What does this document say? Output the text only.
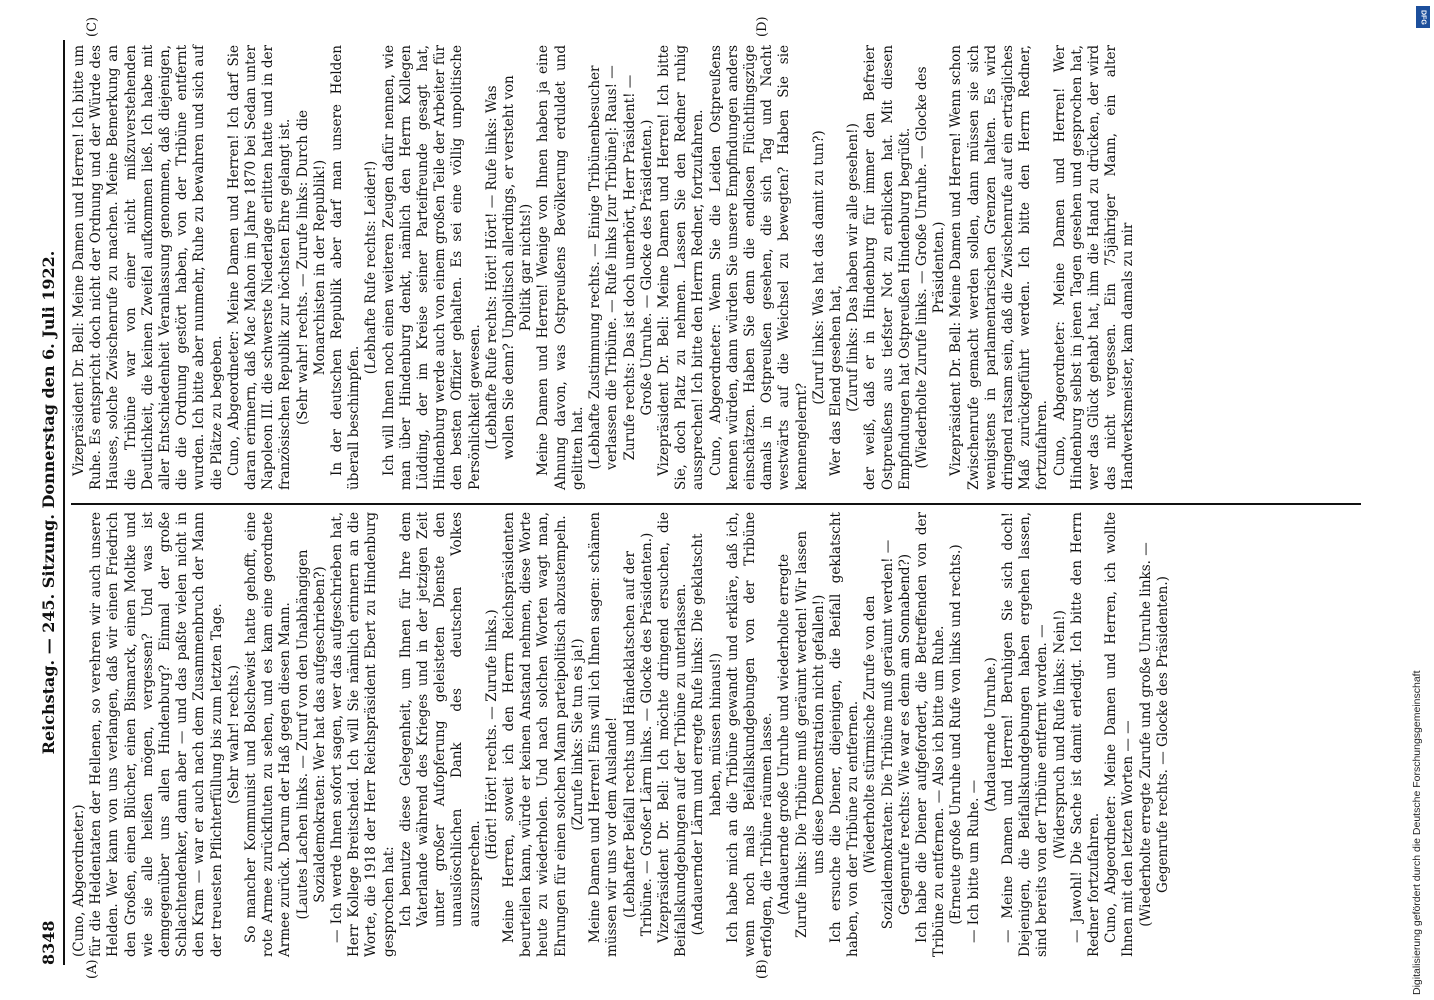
8348
Reichstag. — 245. Sitzung. Donnerstag den 6. Juli 1922.
(A)	(B)
(C)	(D)

(Cuno, Abgeordneter.) für die Heldentaten der Hellenen, so verehren wir auch unsere Helden. Wer kann von uns verlangen, daß wir einen Friedrich den Großen, einen Blücher, einen Bismarck, einen Moltke und wie sie alle heißen mögen, vergessen? Und was ist demgegenüber uns allen Hindenburg? Einmal der große Schlachtendenker, dann aber — und das paßte vielen nicht in den Kram — war er auch nach dem Zusammenbruch der Mann der treuesten Pflichterfüllung bis zum letzten Tage. (Sehr wahr! rechts.) So mancher Kommunist und Bolschewist hatte gehofft, eine rote Armee zurückfluten zu sehen, und es kam eine geordnete Armee zurück. Darum der Haß gegen diesen Mann. (Lautes Lachen links. — Zuruf von den Unabhängigen Sozialdemokraten: Wer hat das aufgeschrieben?) — Ich werde Ihnen sofort sagen, wer das aufgeschrieben hat, Herr Kollege Breitscheid. Ich will Sie nämlich erinnern an die Worte, die 1918 der Herr Reichspräsident Ebert zu Hindenburg gesprochen hat: Ich benutze diese Gelegenheit, um Ihnen für Ihre dem Vaterlande während des Krieges und in der jetzigen Zeit unter großer Aufopferung geleisteten Dienste den unauslöschlichen Dank des deutschen Volkes auszusprechen.

(Hört! Hört! rechts. — Zurufe links.) Meine Herren, soweit ich den Herrn Reichspräsidenten beurteilen kann, würde er keinen Anstand nehmen, diese Worte heute zu wiederholen. Und nach solchen Worten wagt man, Ehrungen für einen solchen Mann parteipolitisch abzustempeln. (Zurufe links: Sie tun es ja!) Meine Damen und Herren! Eins will ich Ihnen sagen: schämen müssen wir uns vor dem Auslande! (Lebhafter Beifall rechts und Händeklatschen auf der Tribüne. — Großer Lärm links. — Glocke des Präsidenten.) Vizepräsident Dr. Bell: Ich möchte dringend ersuchen, die Beifallskundgebungen auf der Tribüne zu unterlassen. (Andauernder Lärm und erregte Rufe links: Die geklatscht haben, müssen hinaus!) Ich habe mich an die Tribüne gewandt und erkläre, daß ich, wenn noch mals Beifallskundgebungen von der Tribüne erfolgen, die Tribüne räumen lasse. (Andauernde große Unruhe und wiederholte erregte Zurufe links: Die Tribüne muß geräumt werden! Wir lassen uns diese Demonstration nicht gefallen!) Ich ersuche die Diener, diejenigen, die Beifall geklatscht haben, von der Tribüne zu entfernen. (Wiederholte stürmische Zurufe von den Sozialdemokraten: Die Tribüne muß geräumt werden! — Gegenrufe rechts: Wie war es denn am Sonnabend?) Ich habe die Diener aufgefordert, die Betreffenden von der Tribüne zu entfernen. — Also ich bitte um Ruhe. (Erneute große Unruhe und Rufe von links und rechts.) — Ich bitte um Ruhe. —

(Andauernde Unruhe.) — Meine Damen und Herren! Beruhigen Sie sich doch! Diejenigen, die Beifallskundgebungen haben ergehen lassen, sind bereits von der Tribüne entfernt worden. — (Widerspruch und Rufe links: Nein!) — Jawohl! Die Sache ist damit erledigt. Ich bitte den Herrn Redner fortzufahren. Cuno, Abgeordneter: Meine Damen und Herren, ich wollte Ihnen mit den letzten Worten — — (Wiederholte erregte Zurufe und große Unruhe links. — Gegenrufe rechts. — Glocke des Präsidenten.)

Vizepräsident Dr. Bell: Meine Damen und Herren! Ich bitte um Ruhe. Es entspricht doch nicht der Ordnung und der Würde des Hauses, solche Zwischenrufe zu machen. Meine Bemerkung an die Tribüne war von einer nicht mißzuverstehenden Deutlichkeit, die keinen Zweifel aufkommen ließ. Ich habe mit aller Entschiedenheit Veranlassung genommen, daß diejenigen, die die Ordnung gestört haben, von der Tribüne entfernt wurden. Ich bitte aber nunmehr, Ruhe zu bewahren und sich auf die Plätze zu begeben. Cuno, Abgeordneter: Meine Damen und Herren! Ich darf Sie daran erinnern, daß Mac Mahon im Jahre 1870 bei Sedan unter Napoleon III. die schwerste Niederlage erlitten hatte und in der französischen Republik zur höchsten Ehre gelangt ist. (Sehr wahr! rechts. — Zurufe links: Durch die Monarchisten in der Republik!) In der deutschen Republik aber darf man unsere Helden überall beschimpfen.

(Lebhafte Rufe rechts: Leider!) Ich will Ihnen noch einen weiteren Zeugen dafür nennen, wie man über Hindenburg denkt, nämlich den Herrn Kollegen Lüdding, der im Kreise seiner Parteifreunde gesagt hat, Hindenburg werde auch von einem großen Teile der Arbeiter für den besten Offizier gehalten. Es sei eine völlig unpolitische Persönlichkeit gewesen. (Lebhafte Rufe rechts: Hört! Hört! — Rufe links: Was wollen Sie denn? Unpolitisch allerdings, er versteht von Politik gar nichts!) Meine Damen und Herren! Wenige von Ihnen haben ja eine Ahnung davon, was Ostpreußens Bevölkerung erduldet und gelitten hat. (Lebhafte Zustimmung rechts. — Einige Tribünenbesucher verlassen die Tribüne. — Rufe links [zur Tribüne]: Raus! — Zurufe rechts: Das ist doch unerhört, Herr Präsident! — Große Unruhe. — Glocke des Präsidenten.) Vizepräsident Dr. Bell: Meine Damen und Herren! Ich bitte Sie, doch Platz zu nehmen. Lassen Sie den Redner ruhig aussprechen! Ich bitte den Herrn Redner, fortzufahren. Cuno, Abgeordneter: Wenn Sie die Leiden Ostpreußens kennen würden, dann würden Sie unsere Empfindungen anders einschätzen. Haben Sie denn die endlosen Flüchtlingszüge damals in Ostpreußen gesehen, die sich Tag und Nacht westwärts auf die Weichsel zu bewegten? Haben Sie sie kennengelernt?

(Zuruf links: Was hat das damit zu tun?) Wer das Elend gesehen hat, (Zuruf links: Das haben wir alle gesehen!) der weiß, daß er in Hindenburg für immer den Befreier Ostpreußens aus tiefster Not zu erblicken hat. Mit diesen Empfindungen hat Ostpreußen Hindenburg begrüßt. (Wiederholte Zurufe links. — Große Unruhe. — Glocke des Präsidenten.) Vizepräsident Dr. Bell: Meine Damen und Herren! Wenn schon Zwischenrufe gemacht werden sollen, dann müssen sie sich wenigstens in parlamentarischen Grenzen halten. Es wird dringend ratsam sein, daß die Zwischenrufe auf ein erträgliches Maß zurückgeführt werden. Ich bitte den Herrn Redner, fortzufahren. Cuno, Abgeordneter: Meine Damen und Herren! Wer Hindenburg selbst in jenen Tagen gesehen und gesprochen hat, wer das Glück gehabt hat, ihm die Hand zu drücken, der wird das nicht vergessen. Ein 75jähriger Mann, ein alter Handwerksmeister, kam damals zu mir

Digitalisierung gefördert durch die Deutsche Forschungsgemeinschaft
DFG
